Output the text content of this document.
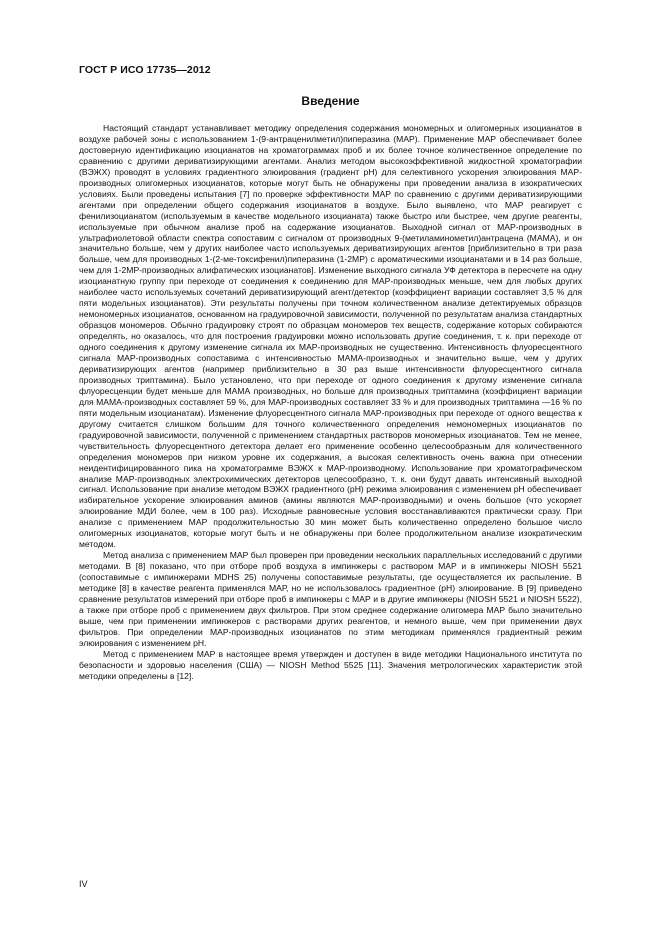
ГОСТ Р ИСО 17735—2012
Введение

Настоящий стандарт устанавливает методику определения содержания мономерных и олигомерных изоцианатов в воздухе рабочей зоны с использованием 1-(9-антраценилметил)пиперазина (МАР). Применение МАР обеспечивает более достоверную идентификацию изоцианатов на хроматограммах проб и их более точное количественное определение по сравнению с другими дериватизирующими агентами. Анализ методом высокоэффективной жидкостной хроматографии (ВЭЖХ) проводят в условиях градиентного элюирования (градиент рН) для селективного ускорения элюирования МАР-производных олигомерных изоцианатов, которые могут быть не обнаружены при проведении анализа в изократических условиях. Были проведены испытания [7] по проверке эффективности МАР по сравнению с другими дериватизирующими агентами при определении общего содержания изоцианатов в воздухе. Было выявлено, что МАР реагирует с фенилизоцианатом (используемым в качестве модельного изоцианата) также быстро или быстрее, чем другие реагенты, используемые при обычном анализе проб на содержание изоцианатов. Выходной сигнал от МАР-производных в ультрафиолетовой области спектра сопоставим с сигналом от производных 9-(метиламинометил)антрацена (МАМА), и он значительно больше, чем у других наиболее часто используемых дериватизирующих агентов [приблизительно в три раза больше, чем для производных 1-(2-ме-токсифенил)пиперазина (1-2МР) с ароматическими изоцианатами и в 14 раз больше, чем для 1-2МР-производных алифатических изоцианатов]. Изменение выходного сигнала УФ детектора в пересчете на одну изоцианатную группу при переходе от соединения к соединению для МАР-производных меньше, чем для любых других наиболее часто используемых сочетаний дериватизирующий агент/детектор (коэффициент вариации составляет 3,5 % для пяти модельных изоцианатов). Эти результаты получены при точном количественном анализе детектируемых образцов немономерных изоцианатов, основанном на градуировочной зависимости, полученной по результатам анализа стандартных образцов мономеров. Обычно градуировку строят по образцам мономеров тех веществ, содержание которых собираются определять, но оказалось, что для построения градуировки можно использовать другие соединения, т. к. при переходе от одного соединения к другому изменение сигнала их МАР-производных не существенно. Интенсивность флуоресцентного сигнала МАР-производных сопоставима с интенсивностью МАМА-производных и значительно выше, чем у других дериватизирующих агентов (например приблизительно в 30 раз выше интенсивности флуоресцентного сигнала производных триптамина). Было установлено, что при переходе от одного соединения к другому изменение сигнала флуоресценции будет меньше для МАМА производных, но больше для производных триптамина (коэффициент вариации для МАМА-производных составляет 59 %, для МАР-производных составляет 33 % и для производных триптамина —16 % по пяти модельным изоцианатам). Изменение флуоресцентного сигнала МАР-производных при переходе от одного вещества к другому считается слишком большим для точного количественного определения немономерных изоцианатов по градуировочной зависимости, полученной с применением стандартных растворов мономерных изоцианатов. Тем не менее, чувствительность флуоресцентного детектора делает его применение особенно целесообразным для количественного определения мономеров при низком уровне их содержания, а высокая селективность очень важна при отнесении неидентифицированного пика на хроматограмме ВЭЖХ к МАР-производному. Использование при хроматографическом анализе МАР-производных электрохимических детекторов целесообразно, т. к. они будут давать интенсивный выходной сигнал. Использование при анализе методом ВЭЖХ градиентного (рН) режима элюирования с изменением рН обеспечивает избирательное ускорение элюирования аминов (амины являются МАР-производными) и очень большое (что ускоряет элюирование МДИ более, чем в 100 раз). Исходные равновесные условия восстанавливаются практически сразу. При анализе с применением МАР продолжительностью 30 мин может быть количественно определено большое число олигомерных изоцианатов, которые могут быть и не обнаружены при более продолжительном анализе изократическим методом.

Метод анализа с применением МАР был проверен при проведении нескольких параллельных исследований с другими методами. В [8] показано, что при отборе проб воздуха в импинжеры с раствором МАР и в импинжеры NIOSH 5521 (сопоставимые с импинжерами MDHS 25) получены сопоставимые результаты, где осуществляется их распыление. В методике [8] в качестве реагента применялся МАР, но не использовалось градиентное (рН) элюирование. В [9] приведено сравнение результатов измерений при отборе проб в импинжеры с МАР и в другие импинжеры (NIOSH 5521 и NIOSH 5522), а также при отборе проб с применением двух фильтров. При этом среднее содержание олигомера МАР было значительно выше, чем при применении импинжеров с растворами других реагентов, и немного выше, чем при применении двух фильтров. При определении МАР-производных изоцианатов по этим методикам применялся градиентный режим элюирования с изменением рН.

Метод с применением МАР в настоящее время утвержден и доступен в виде методики Национального института по безопасности и здоровью населения (США) — NIOSH Method 5525 [11]. Значения метрологических характеристик этой методики определены в [12].

IV
